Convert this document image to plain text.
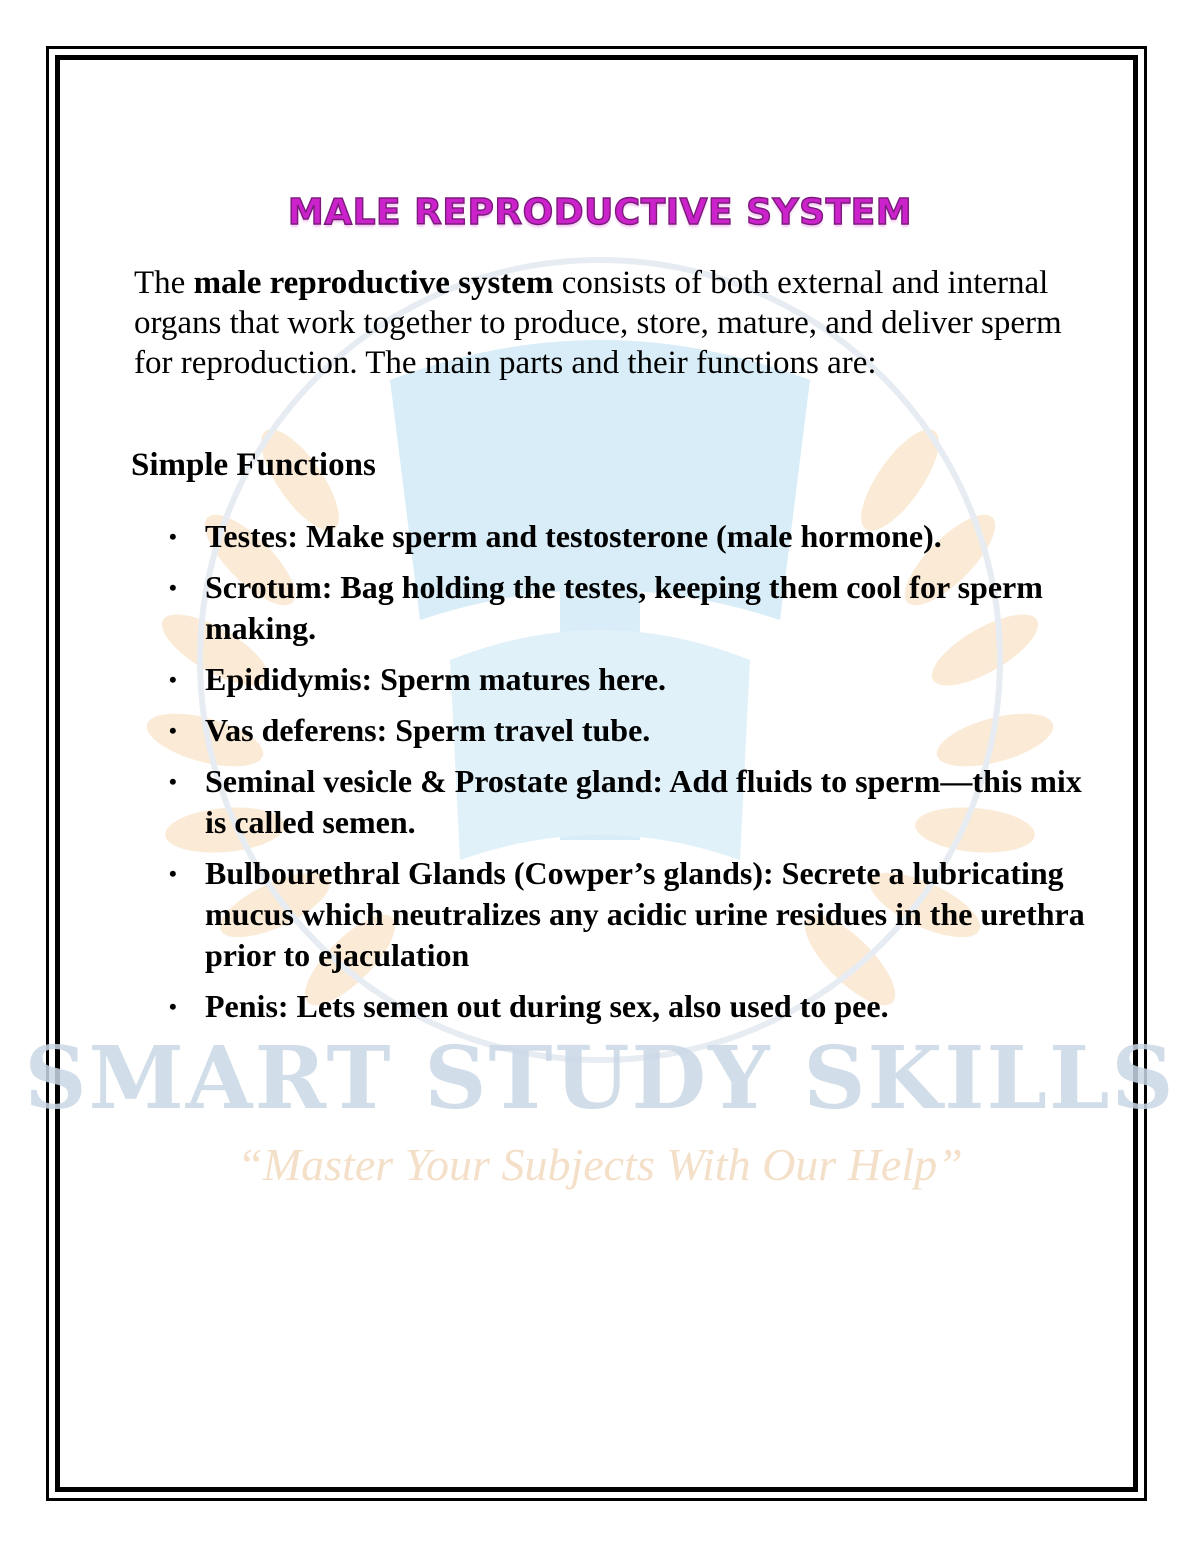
SMART STUDY SKILLS
“Master Your Subjects With Our Help”
MALE REPRODUCTIVE SYSTEM

The male reproductive system consists of both external and internal organs that work together to produce, store, mature, and deliver sperm for reproduction. The main parts and their functions are:

Simple Functions

• Testes: Make sperm and testosterone (male hormone).
• Scrotum: Bag holding the testes, keeping them cool for sperm making.
• Epididymis: Sperm matures here.
• Vas deferens: Sperm travel tube.
• Seminal vesicle & Prostate gland: Add fluids to sperm—this mix is called semen.
• Bulbourethral Glands (Cowper’s glands): Secrete a lubricating mucus which neutralizes any acidic urine residues in the urethra prior to ejaculation
• Penis: Lets semen out during sex, also used to pee.
